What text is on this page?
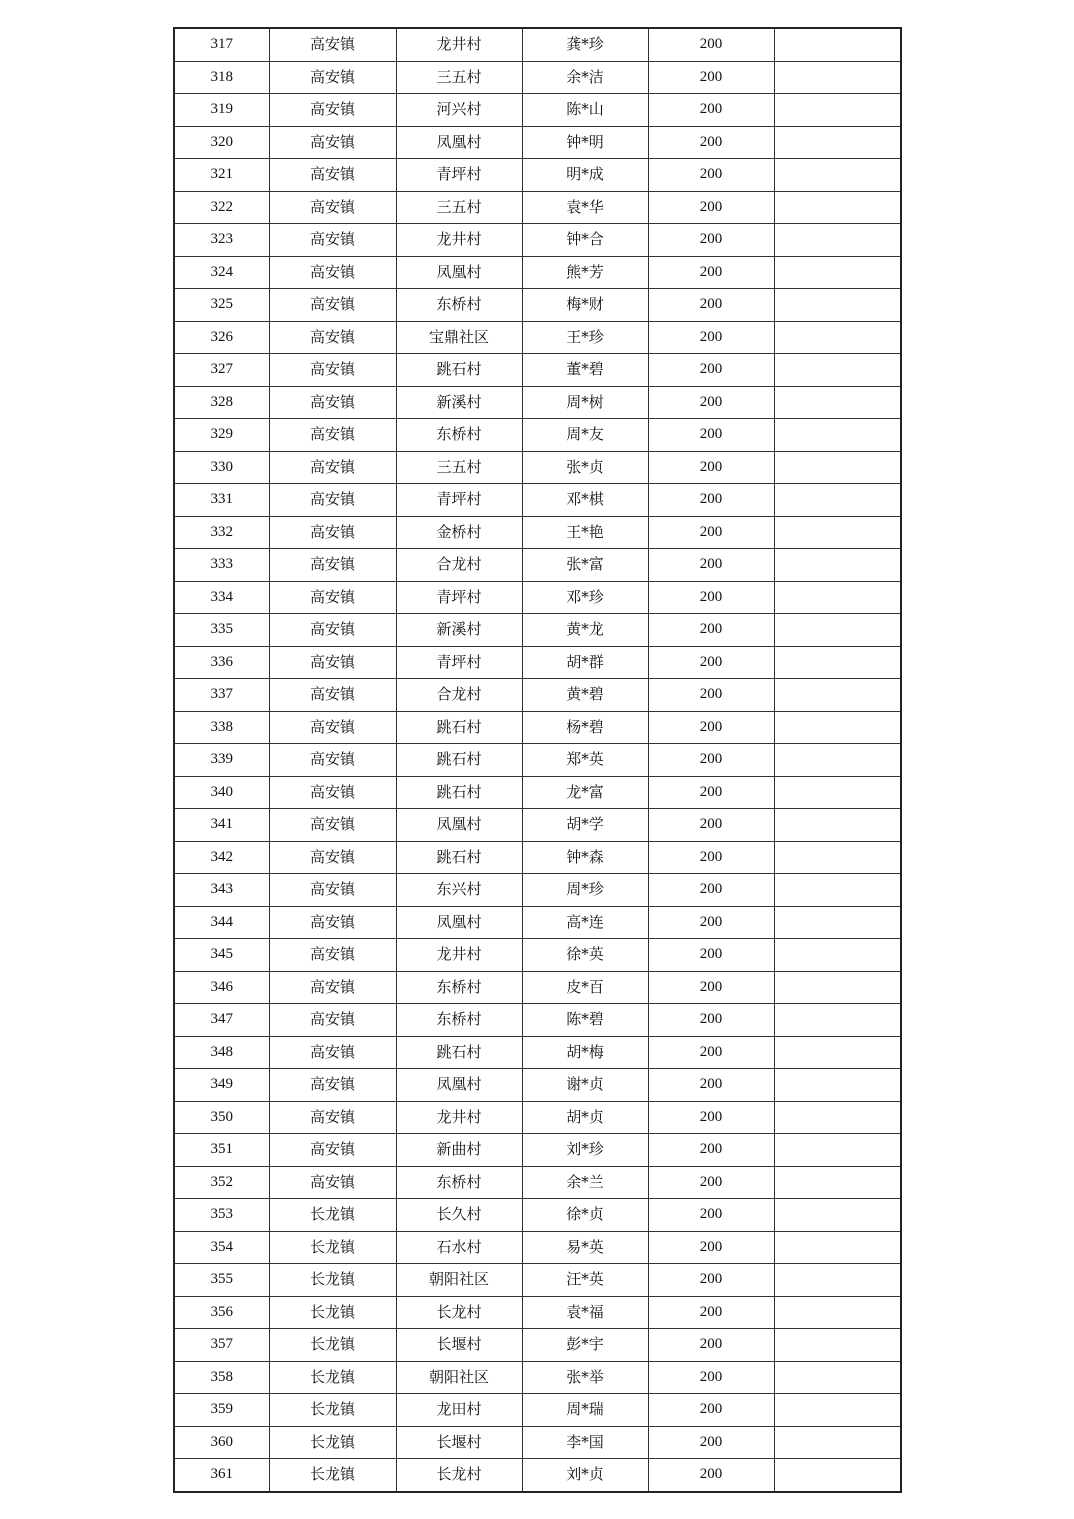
317	高安镇	龙井村	龚*珍	200	
318	高安镇	三五村	余*洁	200	
319	高安镇	河兴村	陈*山	200	
320	高安镇	凤凰村	钟*明	200	
321	高安镇	青坪村	明*成	200	
322	高安镇	三五村	袁*华	200	
323	高安镇	龙井村	钟*合	200	
324	高安镇	凤凰村	熊*芳	200	
325	高安镇	东桥村	梅*财	200	
326	高安镇	宝鼎社区	王*珍	200	
327	高安镇	跳石村	董*碧	200	
328	高安镇	新溪村	周*树	200	
329	高安镇	东桥村	周*友	200	
330	高安镇	三五村	张*贞	200	
331	高安镇	青坪村	邓*棋	200	
332	高安镇	金桥村	王*艳	200	
333	高安镇	合龙村	张*富	200	
334	高安镇	青坪村	邓*珍	200	
335	高安镇	新溪村	黄*龙	200	
336	高安镇	青坪村	胡*群	200	
337	高安镇	合龙村	黄*碧	200	
338	高安镇	跳石村	杨*碧	200	
339	高安镇	跳石村	郑*英	200	
340	高安镇	跳石村	龙*富	200	
341	高安镇	凤凰村	胡*学	200	
342	高安镇	跳石村	钟*森	200	
343	高安镇	东兴村	周*珍	200	
344	高安镇	凤凰村	高*连	200	
345	高安镇	龙井村	徐*英	200	
346	高安镇	东桥村	皮*百	200	
347	高安镇	东桥村	陈*碧	200	
348	高安镇	跳石村	胡*梅	200	
349	高安镇	凤凰村	谢*贞	200	
350	高安镇	龙井村	胡*贞	200	
351	高安镇	新曲村	刘*珍	200	
352	高安镇	东桥村	余*兰	200	
353	长龙镇	长久村	徐*贞	200	
354	长龙镇	石水村	易*英	200	
355	长龙镇	朝阳社区	汪*英	200	
356	长龙镇	长龙村	袁*福	200	
357	长龙镇	长堰村	彭*宇	200	
358	长龙镇	朝阳社区	张*举	200	
359	长龙镇	龙田村	周*瑞	200	
360	长龙镇	长堰村	李*国	200	
361	长龙镇	长龙村	刘*贞	200	
